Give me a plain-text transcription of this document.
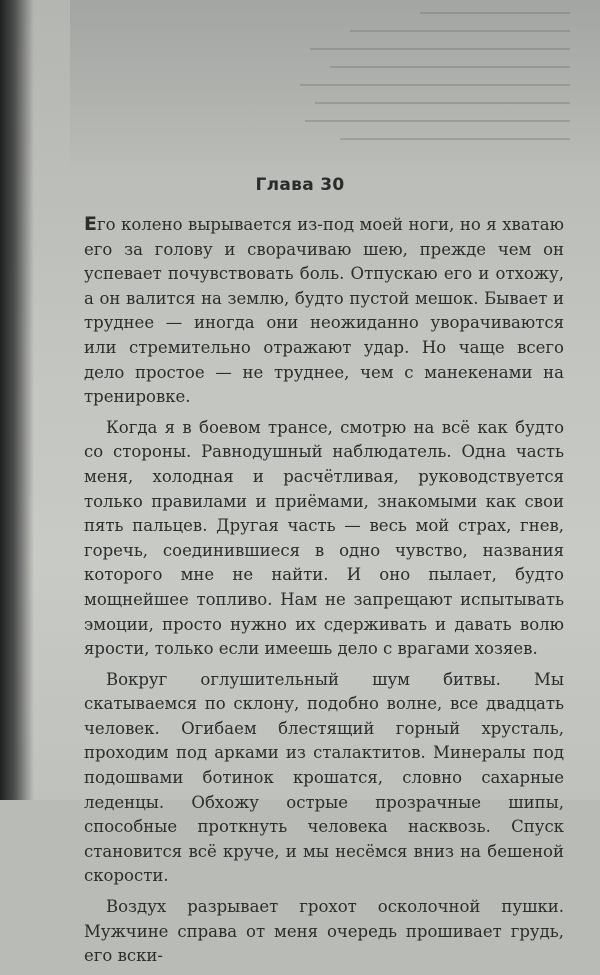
Глава 30

Его колено вырывается из-под моей ноги, но я хватаю его за голову и сворачиваю шею, прежде чем он успевает почувствовать боль. Отпускаю его и отхожу, а он валится на землю, будто пустой мешок. Бывает и труднее — иногда они неожиданно уворачиваются или стремительно отражают удар. Но чаще всего дело простое — не труднее, чем с манекенами на тренировке.

Когда я в боевом трансе, смотрю на всё как будто со стороны. Равнодушный наблюдатель. Одна часть меня, холодная и расчётливая, руководствуется только правилами и приёмами, знакомыми как свои пять пальцев. Другая часть — весь мой страх, гнев, горечь, соединившиеся в одно чувство, названия которого мне не найти. И оно пылает, будто мощнейшее топливо. Нам не запрещают испытывать эмоции, просто нужно их сдерживать и давать волю ярости, только если имеешь дело с врагами хозяев.

Вокруг оглушительный шум битвы. Мы скатываемся по склону, подобно волне, все двадцать человек. Огибаем блестящий горный хрусталь, проходим под арками из сталактитов. Минералы под подошвами ботинок крошатся, словно сахарные леденцы. Обхожу острые прозрачные шипы, способные проткнуть человека насквозь. Спуск становится всё круче, и мы несёмся вниз на бешеной скорости.

Воздух разрывает грохот осколочной пушки. Мужчине справа от меня очередь прошивает грудь, его вски-
